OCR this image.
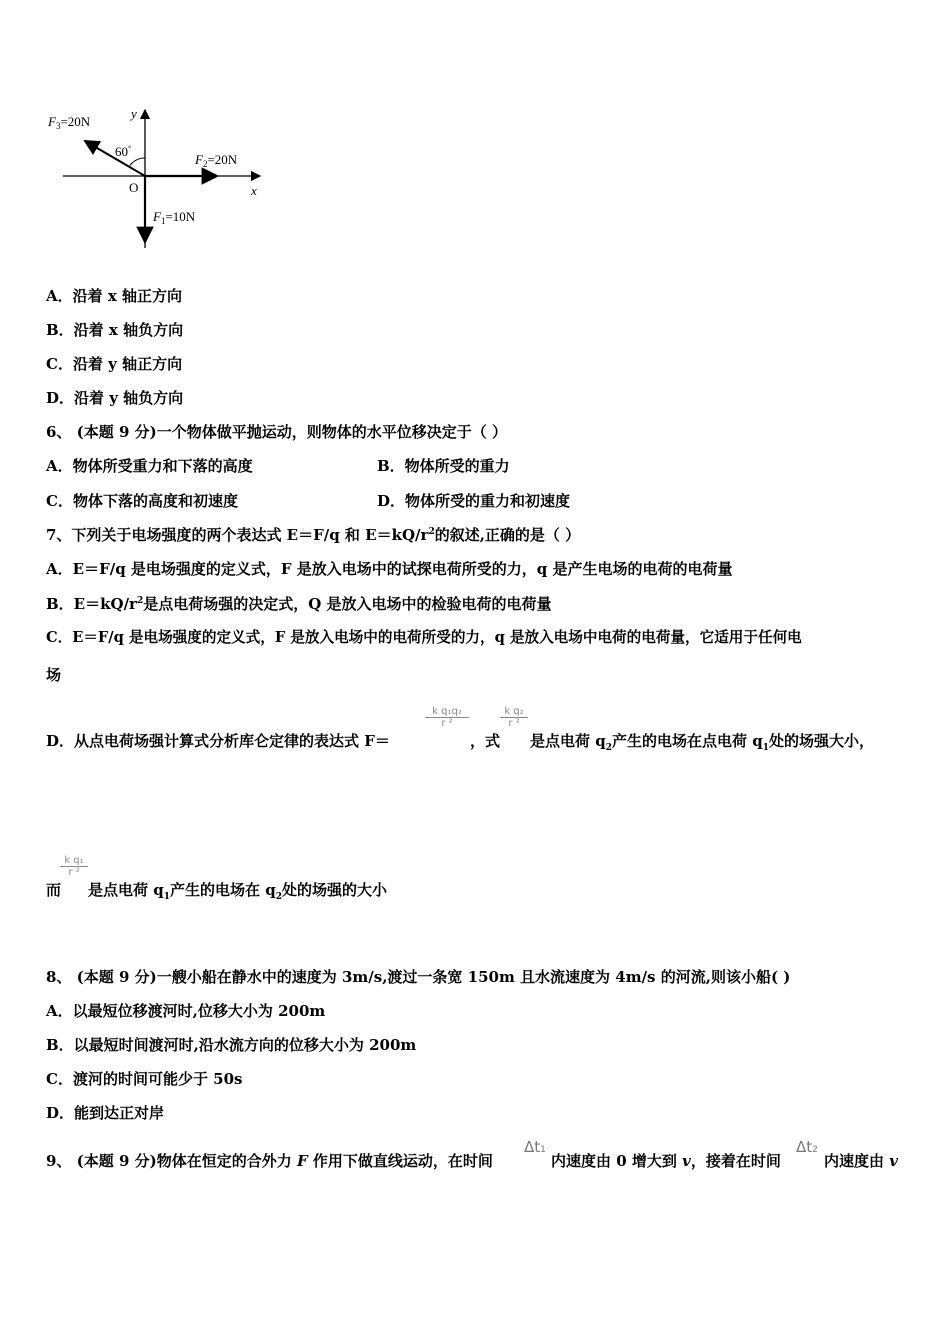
$F_3=20N$
60°
$F_2=20N$
$F_1=10N$
O	x
y
A．沿着 x 轴正方向
B．沿着 x 轴负方向
C．沿着 y 轴正方向
D．沿着 y 轴负方向
6、 (本题 9 分)一个物体做平抛运动，则物体的水平位移决定于（ ）
A．物体所受重力和下落的高度	B．物体所受的重力
C．物体下落的高度和初速度	D．物体所受的重力和初速度
7、下列关于电场强度的两个表达式 E＝F/q 和 $E=kQ/r^2$的叙述,正确的是（ ）
A．E＝F/q 是电场强度的定义式，F 是放入电场中的试探电荷所受的力，q 是产生电场的电荷的电荷量
B．$E=kQ/r^2$是点电荷场强的决定式，Q 是放入电场中的检验电荷的电荷量
C．E＝F/q 是电场强度的定义式，F 是放入电场中的电荷所受的力，q 是放入电场中电荷的电荷量，它适用于任何电
场
D．从点电荷场强计算式分析库仑定律的表达式 F＝
$\frac{\text{k q₁q₂}}{\text{r ²}}$
，式
$\frac{\text{k q₂}}{\text{r ²}}$
是点电荷 $q_2$产生的电场在点电荷 $q_1$处的场强大小，
而
$\frac{\text{k q₁}}{\text{r ²}}$
是点电荷 $q_1$产生的电场在 $q_2$处的场强的大小
8、 (本题 9 分)一艘小船在静水中的速度为 3m/s,渡过一条宽 150m 且水流速度为 4m/s 的河流,则该小船( )
A．以最短位移渡河时,位移大小为 200m
B．以最短时间渡河时,沿水流方向的位移大小为 200m
C．渡河的时间可能少于 50s
D．能到达正对岸
9、 (本题 9 分)物体在恒定的合外力 F 作用下做直线运动，在时间
Δt1
内速度由 0 增大到 v，接着在时间
Δt2
内速度由 v
